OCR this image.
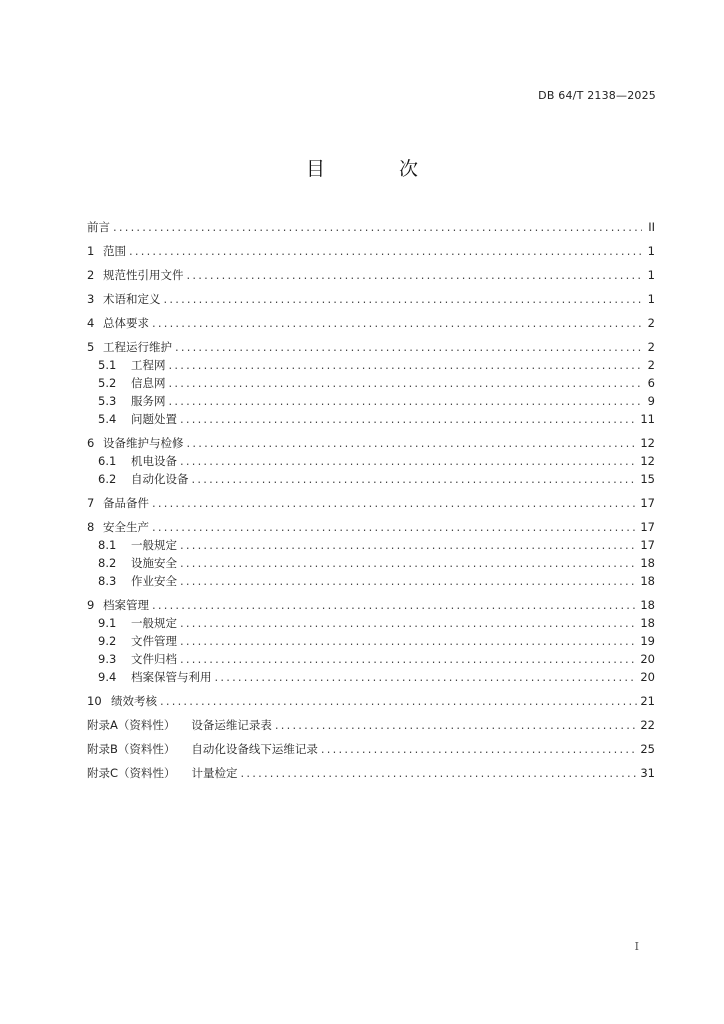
DB 64/T 2138—2025
目 次
前言 .....	II
1 范围 .....	1
2 规范性引用文件 .....	1
3 术语和定义 .....	1
4 总体要求 .....	2
5 工程运行维护 .....	2
5.1	工程网 .....	2
5.2	信息网 .....	6
5.3	服务网 .....	9
5.4	问题处置 .....	11
6 设备维护与检修 .....	12
6.1	机电设备 .....	12
6.2	自动化设备 .....	15
7 备品备件 .....	17
8 安全生产 .....	17
8.1	一般规定 .....	17
8.2	设施安全 .....	18
8.3	作业安全 .....	18
9 档案管理 .....	18
9.1	一般规定 .....	18
9.2	文件管理 .....	19
9.3	文件归档 .....	20
9.4	档案保管与利用 .....	20
10 绩效考核 .....	21
附录A（资料性） 设备运维记录表 .....	22
附录B（资料性） 自动化设备线下运维记录 .....	25
附录C（资料性） 计量检定 .....	31
I
